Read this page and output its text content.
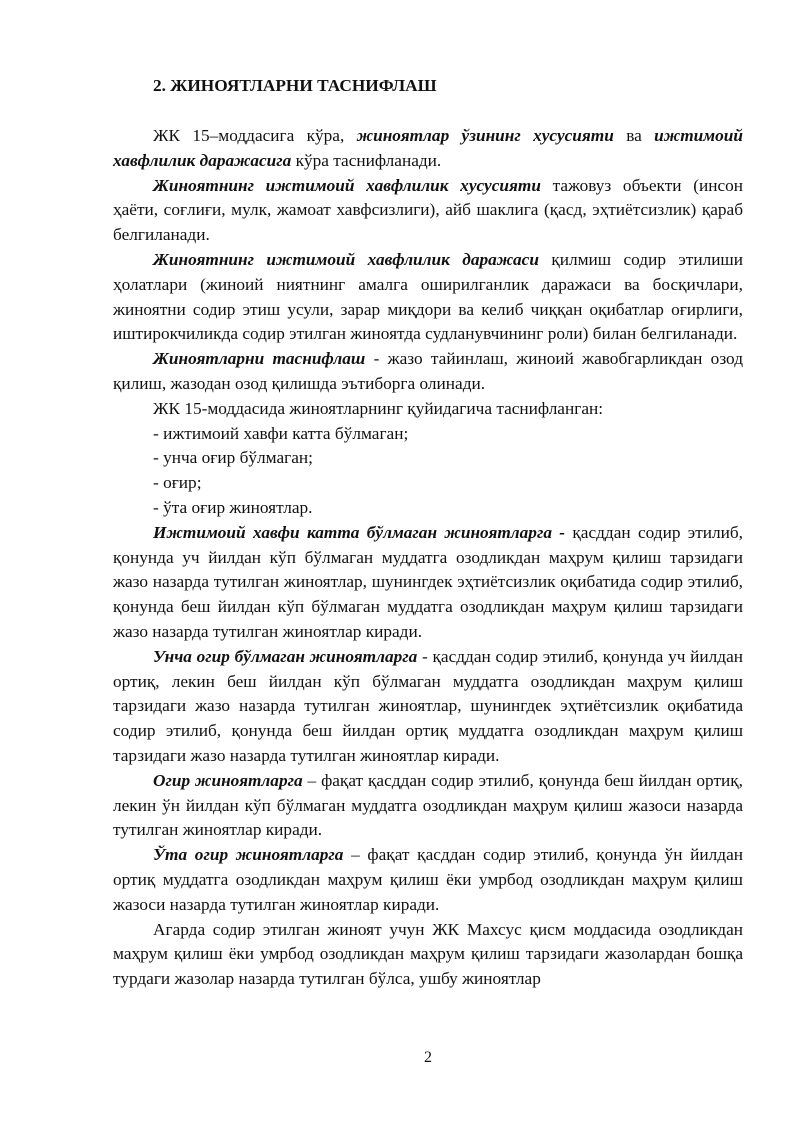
2. ЖИНОЯТЛАРНИ ТАСНИФЛАШ

ЖК 15–моддасига кўра, жиноятлар ўзининг хусусияти ва ижтимоий хавфлилик даражасига кўра таснифланади.

Жиноятнинг ижтимоий хавфлилик хусусияти тажовуз объекти (инсон ҳаёти, соғлиғи, мулк, жамоат хавфсизлиги), айб шаклига (қасд, эҳтиётсизлик) қараб белгиланади.

Жиноятнинг ижтимоий хавфлилик даражаси қилмиш содир этилиши ҳолатлари (жиноий ниятнинг амалга оширилганлик даражаси ва босқичлари, жиноятни содир этиш усули, зарар миқдори ва келиб чиққан оқибатлар оғирлиги, иштирокчиликда содир этилган жиноятда судланувчининг роли) билан белгиланади.

Жиноятларни таснифлаш - жазо тайинлаш, жиноий жавобгарликдан озод қилиш, жазодан озод қилишда эътиборга олинади.

ЖК 15-моддасида жиноятларнинг қуйидагича таснифланган:

- ижтимоий хавфи катта бўлмаган;

- унча оғир бўлмаган;

- оғир;

- ўта оғир жиноятлар.

Ижтимоий хавфи катта бўлмаган жиноятларга - қасддан содир этилиб, қонунда уч йилдан кўп бўлмаган муддатга озодликдан маҳрум қилиш тарзидаги жазо назарда тутилган жиноятлар, шунингдек эҳтиётсизлик оқибатида содир этилиб, қонунда беш йилдан кўп бўлмаган муддатга озодликдан маҳрум қилиш тарзидаги жазо назарда тутилган жиноятлар киради.

Унча огир бўлмаган жиноятларга - қасддан содир этилиб, қонунда уч йилдан ортиқ, лекин беш йилдан кўп бўлмаган муддатга озодликдан маҳрум қилиш тарзидаги жазо назарда тутилган жиноятлар, шунингдек эҳтиётсизлик оқибатида содир этилиб, қонунда беш йилдан ортиқ муддатга озодликдан маҳрум қилиш тарзидаги жазо назарда тутилган жиноятлар киради.

Огир жиноятларга – фақат қасддан содир этилиб, қонунда беш йилдан ортиқ, лекин ўн йилдан кўп бўлмаган муддатга озодликдан маҳрум қилиш жазоси назарда тутилган жиноятлар киради.

Ўта огир жиноятларга – фақат қасддан содир этилиб, қонунда ўн йилдан ортиқ муддатга озодликдан маҳрум қилиш ёки умрбод озодликдан маҳрум қилиш жазоси назарда тутилган жиноятлар киради.

Агарда содир этилган жиноят учун ЖК Махсус қисм моддасида озодликдан маҳрум қилиш ёки умрбод озодликдан маҳрум қилиш тарзидаги жазолардан бошқа турдаги жазолар назарда тутилган бўлса, ушбу жиноятлар

2
